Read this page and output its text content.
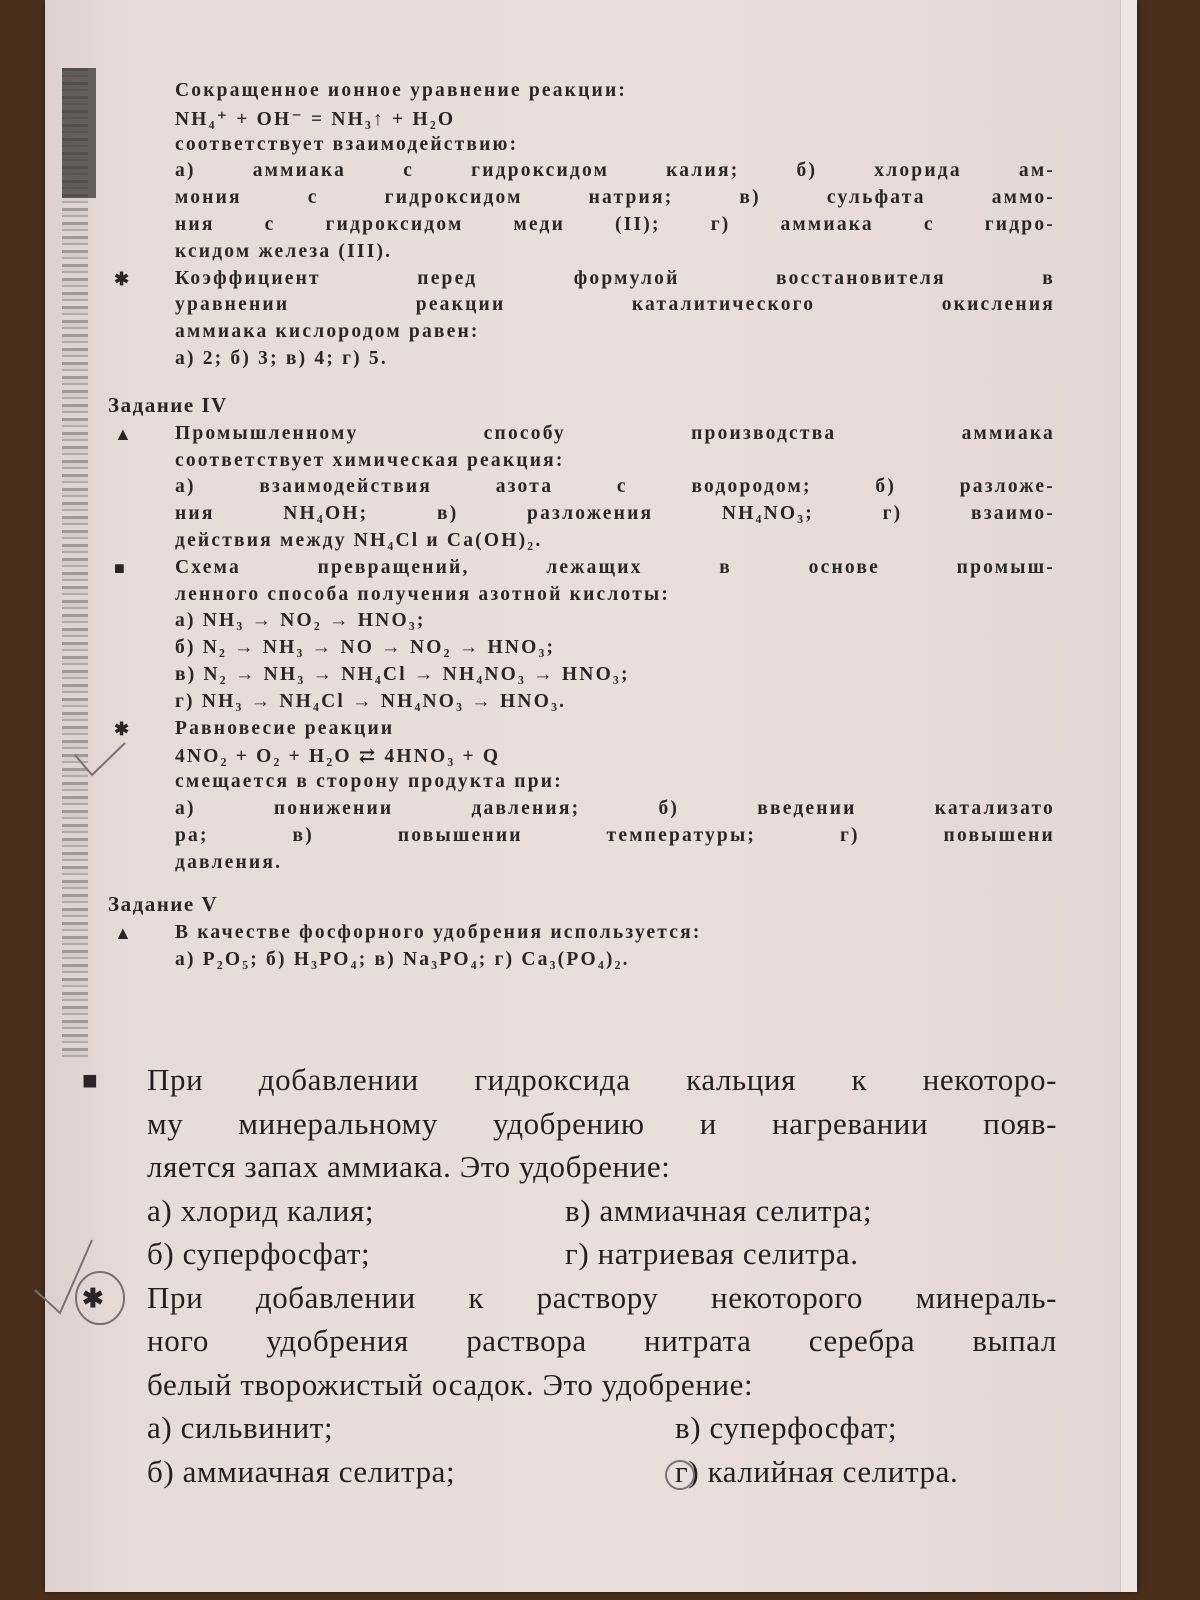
Сокращенное ионное уравнение реакции:
NH₄⁺ + OH⁻ = NH₃↑ + H₂O
соответствует взаимодействию:
а) аммиака с гидроксидом калия; б) хлорида ам-
мония с гидроксидом натрия; в) сульфата аммо-
ния с гидроксидом меди (II); г) аммиака с гидро-
ксидом железа (III).
✱ Коэффициент перед формулой восстановителя в
уравнении реакции каталитического окисления
аммиака кислородом равен:
а) 2; б) 3; в) 4; г) 5.
Задание IV
▲ Промышленному способу производства аммиака
соответствует химическая реакция:
а) взаимодействия азота с водородом; б) разложе-
ния NH₄OH; в) разложения NH₄NO₃; г) взаимо-
действия между NH₄Cl и Ca(OH)₂.
■	Схема превращений, лежащих в основе промыш-
ленного способа получения азотной кислоты:
а) NH₃ → NO₂ → HNO₃;
б) N₂ → NH₃ → NO → NO₂ → HNO₃;
в) N₂ → NH₃ → NH₄Cl → NH₄NO₃ → HNO₃;
г) NH₃ → NH₄Cl → NH₄NO₃ → HNO₃.
✱ Равновесие реакции
4NO₂ + O₂ + H₂O ⇄ 4HNO₃ + Q
смещается в сторону продукта при:
а) понижении давления; б) введении катализато
ра; в) повышении температуры; г) повышени
давления.
Задание V
▲ В качестве фосфорного удобрения используется:
а) P₂O₅; б) H₃PO₄; в) Na₃PO₄; г) Ca₃(PO₄)₂.
■ При добавлении гидроксида кальция к некоторо-
му минеральному удобрению и нагревании появ-
ляется запах аммиака. Это удобрение:
а) хлорид калия;	в) аммиачная селитра;
б) суперфосфат;	г) натриевая селитра.
✱ При добавлении к раствору некоторого минераль-
ного удобрения раствора нитрата серебра выпал
белый творожистый осадок. Это удобрение:
а) сильвинит;	в) суперфосфат;
б) аммиачная селитра;	г) калийная селитра.
